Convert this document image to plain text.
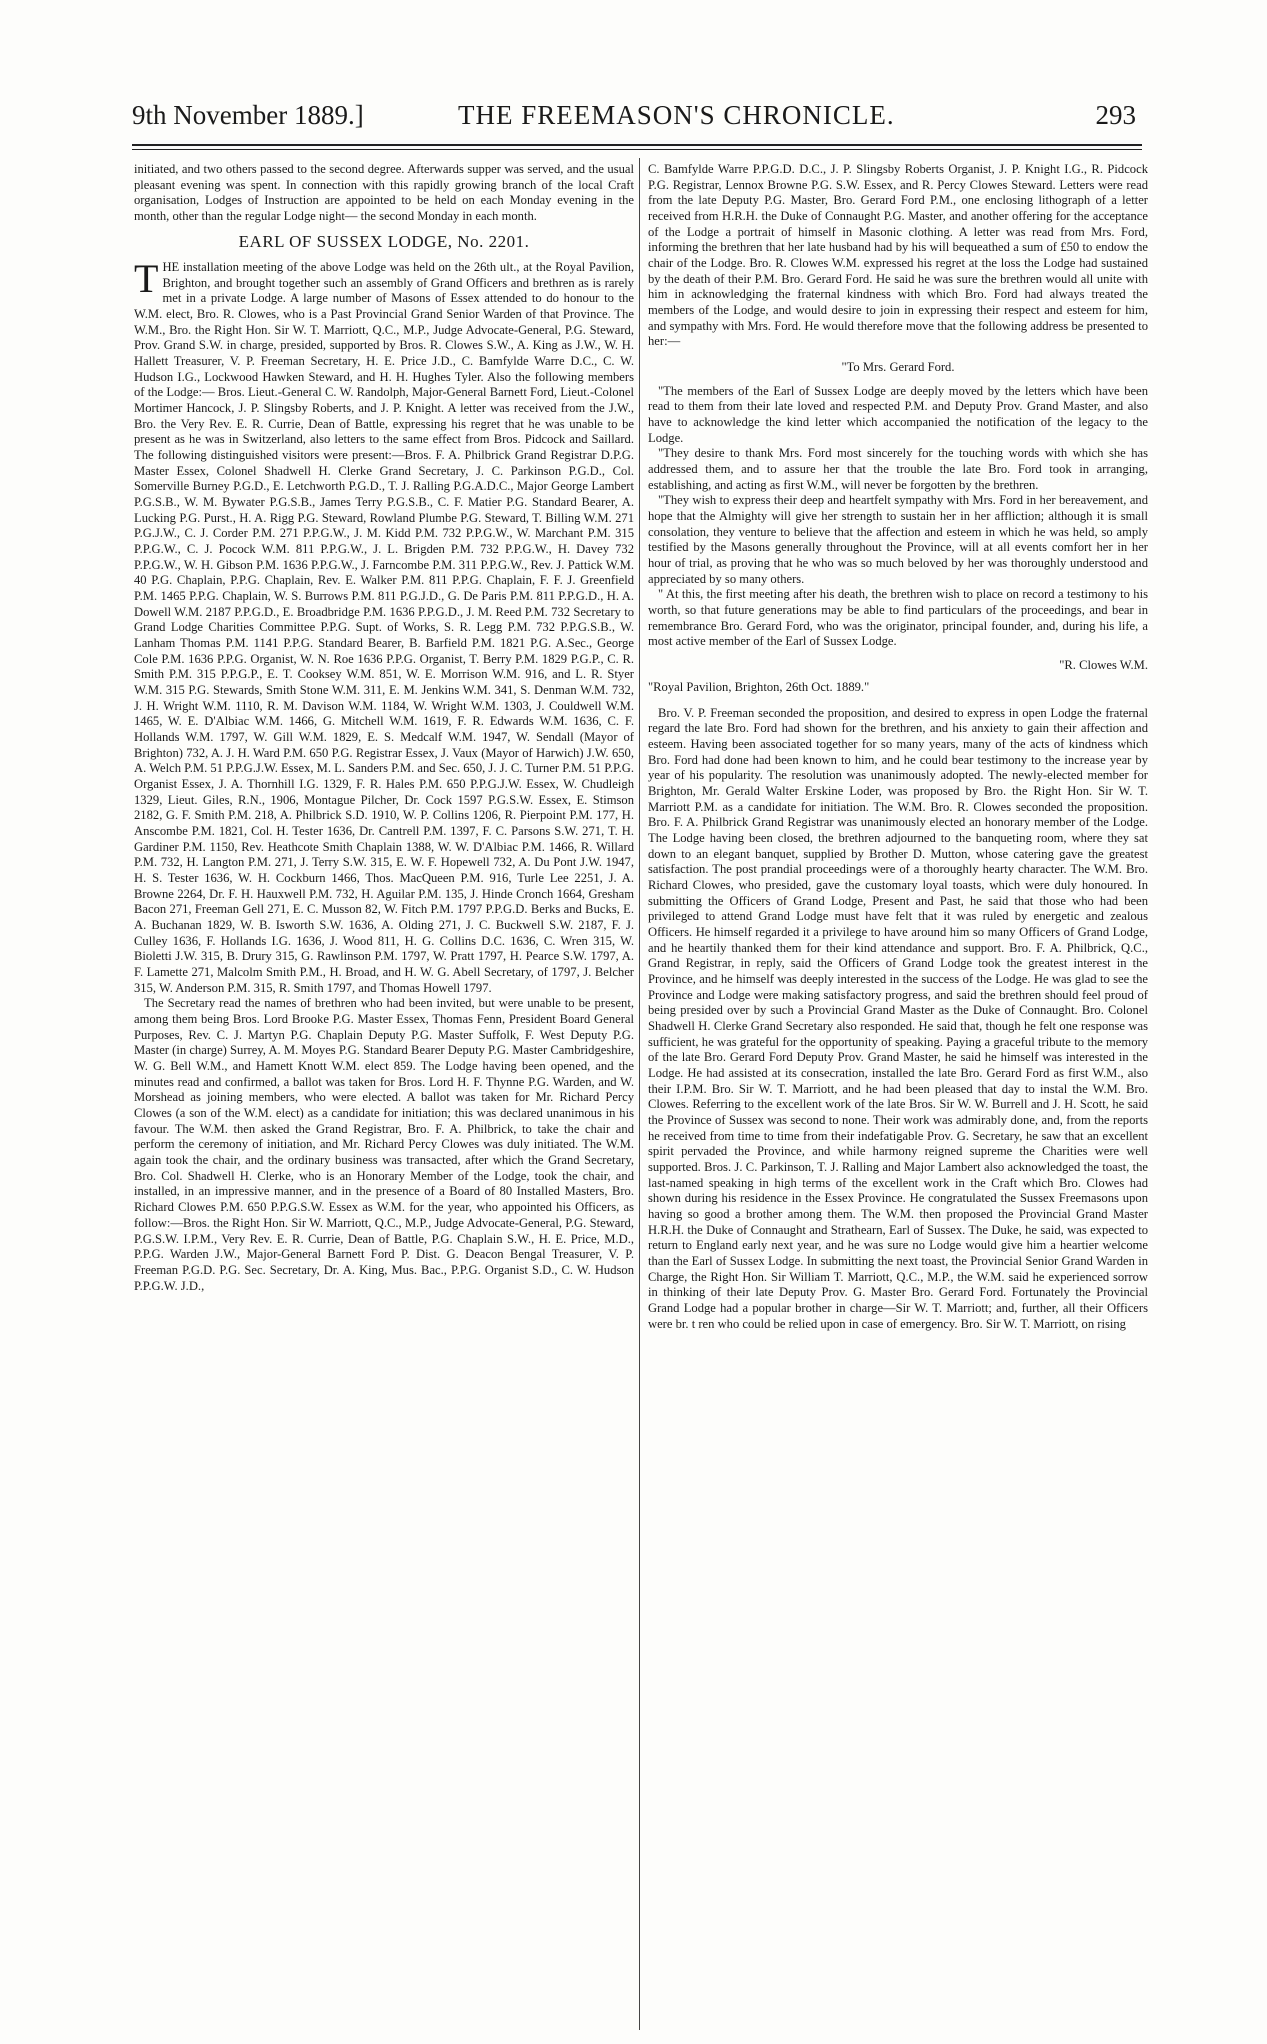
9th November 1889.]	THE FREEMASON'S CHRONICLE.	293

initiated, and two others passed to the second degree. Afterwards supper was served, and the usual pleasant evening was spent. In connection with this rapidly growing branch of the local Craft organisation, Lodges of Instruction are appointed to be held on each Monday evening in the month, other than the regular Lodge night— the second Monday in each month.

EARL OF SUSSEX LODGE, No. 2201.

THE installation meeting of the above Lodge was held on the 26th ult., at the Royal Pavilion, Brighton, and brought together such an assembly of Grand Officers and brethren as is rarely met in a private Lodge. A large number of Masons of Essex attended to do honour to the W.M. elect, Bro. R. Clowes, who is a Past Provincial Grand Senior Warden of that Province. The W.M., Bro. the Right Hon. Sir W. T. Marriott, Q.C., M.P., Judge Advocate-General, P.G. Steward, Prov. Grand S.W. in charge, presided, supported by Bros. R. Clowes S.W., A. King as J.W., W. H. Hallett Treasurer, V. P. Freeman Secretary, H. E. Price J.D., C. Bamfylde Warre D.C., C. W. Hudson I.G., Lockwood Hawken Steward, and H. H. Hughes Tyler. Also the following members of the Lodge:— Bros. Lieut.-General C. W. Randolph, Major-General Barnett Ford, Lieut.-Colonel Mortimer Hancock, J. P. Slingsby Roberts, and J. P. Knight. A letter was received from the J.W., Bro. the Very Rev. E. R. Currie, Dean of Battle, expressing his regret that he was unable to be present as he was in Switzerland, also letters to the same effect from Bros. Pidcock and Saillard. The following distinguished visitors were present:—Bros. F. A. Philbrick Grand Registrar D.P.G. Master Essex, Colonel Shadwell H. Clerke Grand Secretary, J. C. Parkinson P.G.D., Col. Somerville Burney P.G.D., E. Letchworth P.G.D., T. J. Ralling P.G.A.D.C., Major George Lambert P.G.S.B., W. M. Bywater P.G.S.B., James Terry P.G.S.B., C. F. Matier P.G. Standard Bearer, A. Lucking P.G. Purst., H. A. Rigg P.G. Steward, Rowland Plumbe P.G. Steward, T. Billing W.M. 271 P.G.J.W., C. J. Corder P.M. 271 P.P.G.W., J. M. Kidd P.M. 732 P.P.G.W., W. Marchant P.M. 315 P.P.G.W., C. J. Pocock W.M. 811 P.P.G.W., J. L. Brigden P.M. 732 P.P.G.W., H. Davey 732 P.P.G.W., W. H. Gibson P.M. 1636 P.P.G.W., J. Farncombe P.M. 311 P.P.G.W., Rev. J. Pattick W.M. 40 P.G. Chaplain, P.P.G. Chaplain, Rev. E. Walker P.M. 811 P.P.G. Chaplain, F. F. J. Greenfield P.M. 1465 P.P.G. Chaplain, W. S. Burrows P.M. 811 P.G.J.D., G. De Paris P.M. 811 P.P.G.D., H. A. Dowell W.M. 2187 P.P.G.D., E. Broadbridge P.M. 1636 P.P.G.D., J. M. Reed P.M. 732 Secretary to Grand Lodge Charities Committee P.P.G. Supt. of Works, S. R. Legg P.M. 732 P.P.G.S.B., W. Lanham Thomas P.M. 1141 P.P.G. Standard Bearer, B. Barfield P.M. 1821 P.G. A.Sec., George Cole P.M. 1636 P.P.G. Organist, W. N. Roe 1636 P.P.G. Organist, T. Berry P.M. 1829 P.G.P., C. R. Smith P.M. 315 P.P.G.P., E. T. Cooksey W.M. 851, W. E. Morrison W.M. 916, and L. R. Styer W.M. 315 P.G. Stewards, Smith Stone W.M. 311, E. M. Jenkins W.M. 341, S. Denman W.M. 732, J. H. Wright W.M. 1110, R. M. Davison W.M. 1184, W. Wright W.M. 1303, J. Couldwell W.M. 1465, W. E. D'Albiac W.M. 1466, G. Mitchell W.M. 1619, F. R. Edwards W.M. 1636, C. F. Hollands W.M. 1797, W. Gill W.M. 1829, E. S. Medcalf W.M. 1947, W. Sendall (Mayor of Brighton) 732, A. J. H. Ward P.M. 650 P.G. Registrar Essex, J. Vaux (Mayor of Harwich) J.W. 650, A. Welch P.M. 51 P.P.G.J.W. Essex, M. L. Sanders P.M. and Sec. 650, J. J. C. Turner P.M. 51 P.P.G. Organist Essex, J. A. Thornhill I.G. 1329, F. R. Hales P.M. 650 P.P.G.J.W. Essex, W. Chudleigh 1329, Lieut. Giles, R.N., 1906, Montague Pilcher, Dr. Cock 1597 P.G.S.W. Essex, E. Stimson 2182, G. F. Smith P.M. 218, A. Philbrick S.D. 1910, W. P. Collins 1206, R. Pierpoint P.M. 177, H. Anscombe P.M. 1821, Col. H. Tester 1636, Dr. Cantrell P.M. 1397, F. C. Parsons S.W. 271, T. H. Gardiner P.M. 1150, Rev. Heathcote Smith Chaplain 1388, W. W. D'Albiac P.M. 1466, R. Willard P.M. 732, H. Langton P.M. 271, J. Terry S.W. 315, E. W. F. Hopewell 732, A. Du Pont J.W. 1947, H. S. Tester 1636, W. H. Cockburn 1466, Thos. MacQueen P.M. 916, Turle Lee 2251, J. A. Browne 2264, Dr. F. H. Hauxwell P.M. 732, H. Aguilar P.M. 135, J. Hinde Cronch 1664, Gresham Bacon 271, Freeman Gell 271, E. C. Musson 82, W. Fitch P.M. 1797 P.P.G.D. Berks and Bucks, E. A. Buchanan 1829, W. B. Isworth S.W. 1636, A. Olding 271, J. C. Buckwell S.W. 2187, F. J. Culley 1636, F. Hollands I.G. 1636, J. Wood 811, H. G. Collins D.C. 1636, C. Wren 315, W. Bioletti J.W. 315, B. Drury 315, G. Rawlinson P.M. 1797, W. Pratt 1797, H. Pearce S.W. 1797, A. F. Lamette 271, Malcolm Smith P.M., H. Broad, and H. W. G. Abell Secretary, of 1797, J. Belcher 315, W. Anderson P.M. 315, R. Smith 1797, and Thomas Howell 1797.

The Secretary read the names of brethren who had been invited, but were unable to be present, among them being Bros. Lord Brooke P.G. Master Essex, Thomas Fenn, President Board General Purposes, Rev. C. J. Martyn P.G. Chaplain Deputy P.G. Master Suffolk, F. West Deputy P.G. Master (in charge) Surrey, A. M. Moyes P.G. Standard Bearer Deputy P.G. Master Cambridgeshire, W. G. Bell W.M., and Hamett Knott W.M. elect 859. The Lodge having been opened, and the minutes read and confirmed, a ballot was taken for Bros. Lord H. F. Thynne P.G. Warden, and W. Morshead as joining members, who were elected. A ballot was taken for Mr. Richard Percy Clowes (a son of the W.M. elect) as a candidate for initiation; this was declared unanimous in his favour. The W.M. then asked the Grand Registrar, Bro. F. A. Philbrick, to take the chair and perform the ceremony of initiation, and Mr. Richard Percy Clowes was duly initiated. The W.M. again took the chair, and the ordinary business was transacted, after which the Grand Secretary, Bro. Col. Shadwell H. Clerke, who is an Honorary Member of the Lodge, took the chair, and installed, in an impressive manner, and in the presence of a Board of 80 Installed Masters, Bro. Richard Clowes P.M. 650 P.P.G.S.W. Essex as W.M. for the year, who appointed his Officers, as follow:—Bros. the Right Hon. Sir W. Marriott, Q.C., M.P., Judge Advocate-General, P.G. Steward, P.G.S.W. I.P.M., Very Rev. E. R. Currie, Dean of Battle, P.G. Chaplain S.W., H. E. Price, M.D., P.P.G. Warden J.W., Major-General Barnett Ford P. Dist. G. Deacon Bengal Treasurer, V. P. Freeman P.G.D. P.G. Sec. Secretary, Dr. A. King, Mus. Bac., P.P.G. Organist S.D., C. W. Hudson P.P.G.W. J.D.,

C. Bamfylde Warre P.P.G.D. D.C., J. P. Slingsby Roberts Organist, J. P. Knight I.G., R. Pidcock P.G. Registrar, Lennox Browne P.G. S.W. Essex, and R. Percy Clowes Steward. Letters were read from the late Deputy P.G. Master, Bro. Gerard Ford P.M., one enclosing lithograph of a letter received from H.R.H. the Duke of Connaught P.G. Master, and another offering for the acceptance of the Lodge a portrait of himself in Masonic clothing. A letter was read from Mrs. Ford, informing the brethren that her late husband had by his will bequeathed a sum of £50 to endow the chair of the Lodge. Bro. R. Clowes W.M. expressed his regret at the loss the Lodge had sustained by the death of their P.M. Bro. Gerard Ford. He said he was sure the brethren would all unite with him in acknowledging the fraternal kindness with which Bro. Ford had always treated the members of the Lodge, and would desire to join in expressing their respect and esteem for him, and sympathy with Mrs. Ford. He would therefore move that the following address be presented to her:—

"To Mrs. Gerard Ford.

"The members of the Earl of Sussex Lodge are deeply moved by the letters which have been read to them from their late loved and respected P.M. and Deputy Prov. Grand Master, and also have to acknowledge the kind letter which accompanied the notification of the legacy to the Lodge.

"They desire to thank Mrs. Ford most sincerely for the touching words with which she has addressed them, and to assure her that the trouble the late Bro. Ford took in arranging, establishing, and acting as first W.M., will never be forgotten by the brethren.

"They wish to express their deep and heartfelt sympathy with Mrs. Ford in her bereavement, and hope that the Almighty will give her strength to sustain her in her affliction; although it is small consolation, they venture to believe that the affection and esteem in which he was held, so amply testified by the Masons generally throughout the Province, will at all events comfort her in her hour of trial, as proving that he who was so much beloved by her was thoroughly understood and appreciated by so many others.

" At this, the first meeting after his death, the brethren wish to place on record a testimony to his worth, so that future generations may be able to find particulars of the proceedings, and bear in remembrance Bro. Gerard Ford, who was the originator, principal founder, and, during his life, a most active member of the Earl of Sussex Lodge.

"R. Clowes W.M.
"Royal Pavilion, Brighton, 26th Oct. 1889."

Bro. V. P. Freeman seconded the proposition, and desired to express in open Lodge the fraternal regard the late Bro. Ford had shown for the brethren, and his anxiety to gain their affection and esteem. Having been associated together for so many years, many of the acts of kindness which Bro. Ford had done had been known to him, and he could bear testimony to the increase year by year of his popularity. The resolution was unanimously adopted. The newly-elected member for Brighton, Mr. Gerald Walter Erskine Loder, was proposed by Bro. the Right Hon. Sir W. T. Marriott P.M. as a candidate for initiation. The W.M. Bro. R. Clowes seconded the proposition. Bro. F. A. Philbrick Grand Registrar was unanimously elected an honorary member of the Lodge. The Lodge having been closed, the brethren adjourned to the banqueting room, where they sat down to an elegant banquet, supplied by Brother D. Mutton, whose catering gave the greatest satisfaction. The post prandial proceedings were of a thoroughly hearty character. The W.M. Bro. Richard Clowes, who presided, gave the customary loyal toasts, which were duly honoured. In submitting the Officers of Grand Lodge, Present and Past, he said that those who had been privileged to attend Grand Lodge must have felt that it was ruled by energetic and zealous Officers. He himself regarded it a privilege to have around him so many Officers of Grand Lodge, and he heartily thanked them for their kind attendance and support. Bro. F. A. Philbrick, Q.C., Grand Registrar, in reply, said the Officers of Grand Lodge took the greatest interest in the Province, and he himself was deeply interested in the success of the Lodge. He was glad to see the Province and Lodge were making satisfactory progress, and said the brethren should feel proud of being presided over by such a Provincial Grand Master as the Duke of Connaught. Bro. Colonel Shadwell H. Clerke Grand Secretary also responded. He said that, though he felt one response was sufficient, he was grateful for the opportunity of speaking. Paying a graceful tribute to the memory of the late Bro. Gerard Ford Deputy Prov. Grand Master, he said he himself was interested in the Lodge. He had assisted at its consecration, installed the late Bro. Gerard Ford as first W.M., also their I.P.M. Bro. Sir W. T. Marriott, and he had been pleased that day to instal the W.M. Bro. Clowes. Referring to the excellent work of the late Bros. Sir W. W. Burrell and J. H. Scott, he said the Province of Sussex was second to none. Their work was admirably done, and, from the reports he received from time to time from their indefatigable Prov. G. Secretary, he saw that an excellent spirit pervaded the Province, and while harmony reigned supreme the Charities were well supported. Bros. J. C. Parkinson, T. J. Ralling and Major Lambert also acknowledged the toast, the last-named speaking in high terms of the excellent work in the Craft which Bro. Clowes had shown during his residence in the Essex Province. He congratulated the Sussex Freemasons upon having so good a brother among them. The W.M. then proposed the Provincial Grand Master H.R.H. the Duke of Connaught and Strathearn, Earl of Sussex. The Duke, he said, was expected to return to England early next year, and he was sure no Lodge would give him a heartier welcome than the Earl of Sussex Lodge. In submitting the next toast, the Provincial Senior Grand Warden in Charge, the Right Hon. Sir William T. Marriott, Q.C., M.P., the W.M. said he experienced sorrow in thinking of their late Deputy Prov. G. Master Bro. Gerard Ford. Fortunately the Provincial Grand Lodge had a popular brother in charge—Sir W. T. Marriott; and, further, all their Officers were br. t ren who could be relied upon in case of emergency. Bro. Sir W. T. Marriott, on rising
